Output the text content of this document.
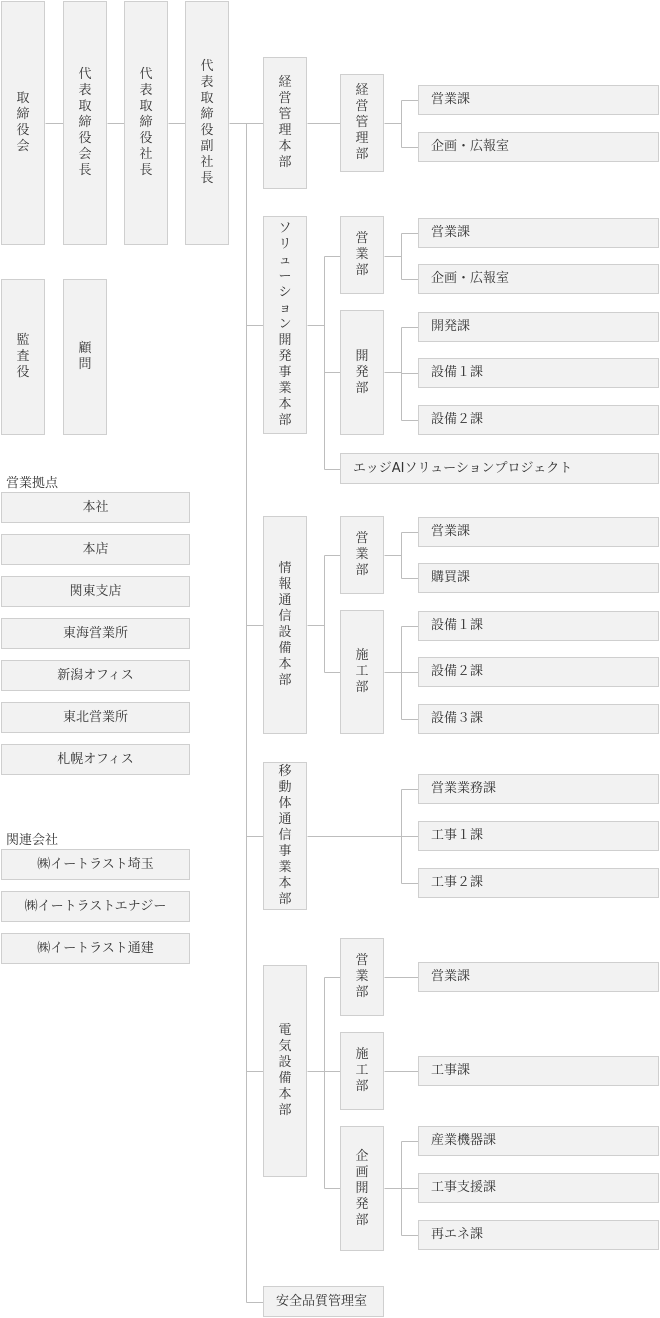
取締役会
代表取締役会長
代表取締役社長
代表取締役副社長
監査役
顧問
営業拠点
本社
本店
関東支店
東海営業所
新潟オフィス
東北営業所
札幌オフィス
関連会社
㈱イートラスト埼玉
㈱イートラストエナジー
㈱イートラスト通建
経営管理本部
経営管理部
営業課
企画・広報室
ソリューション開発事業本部
営業部
営業課
企画・広報室
開発部
開発課
設備１課
設備２課
エッジAIソリューションプロジェクト
情報通信設備本部
営業部
営業課
購買課
施工部
設備１課
設備２課
設備３課
移動体通信事業本部
営業業務課
工事１課
工事２課
電気設備本部
営業部
営業課
施工部
工事課
企画開発部
産業機器課
工事支援課
再エネ課
安全品質管理室
